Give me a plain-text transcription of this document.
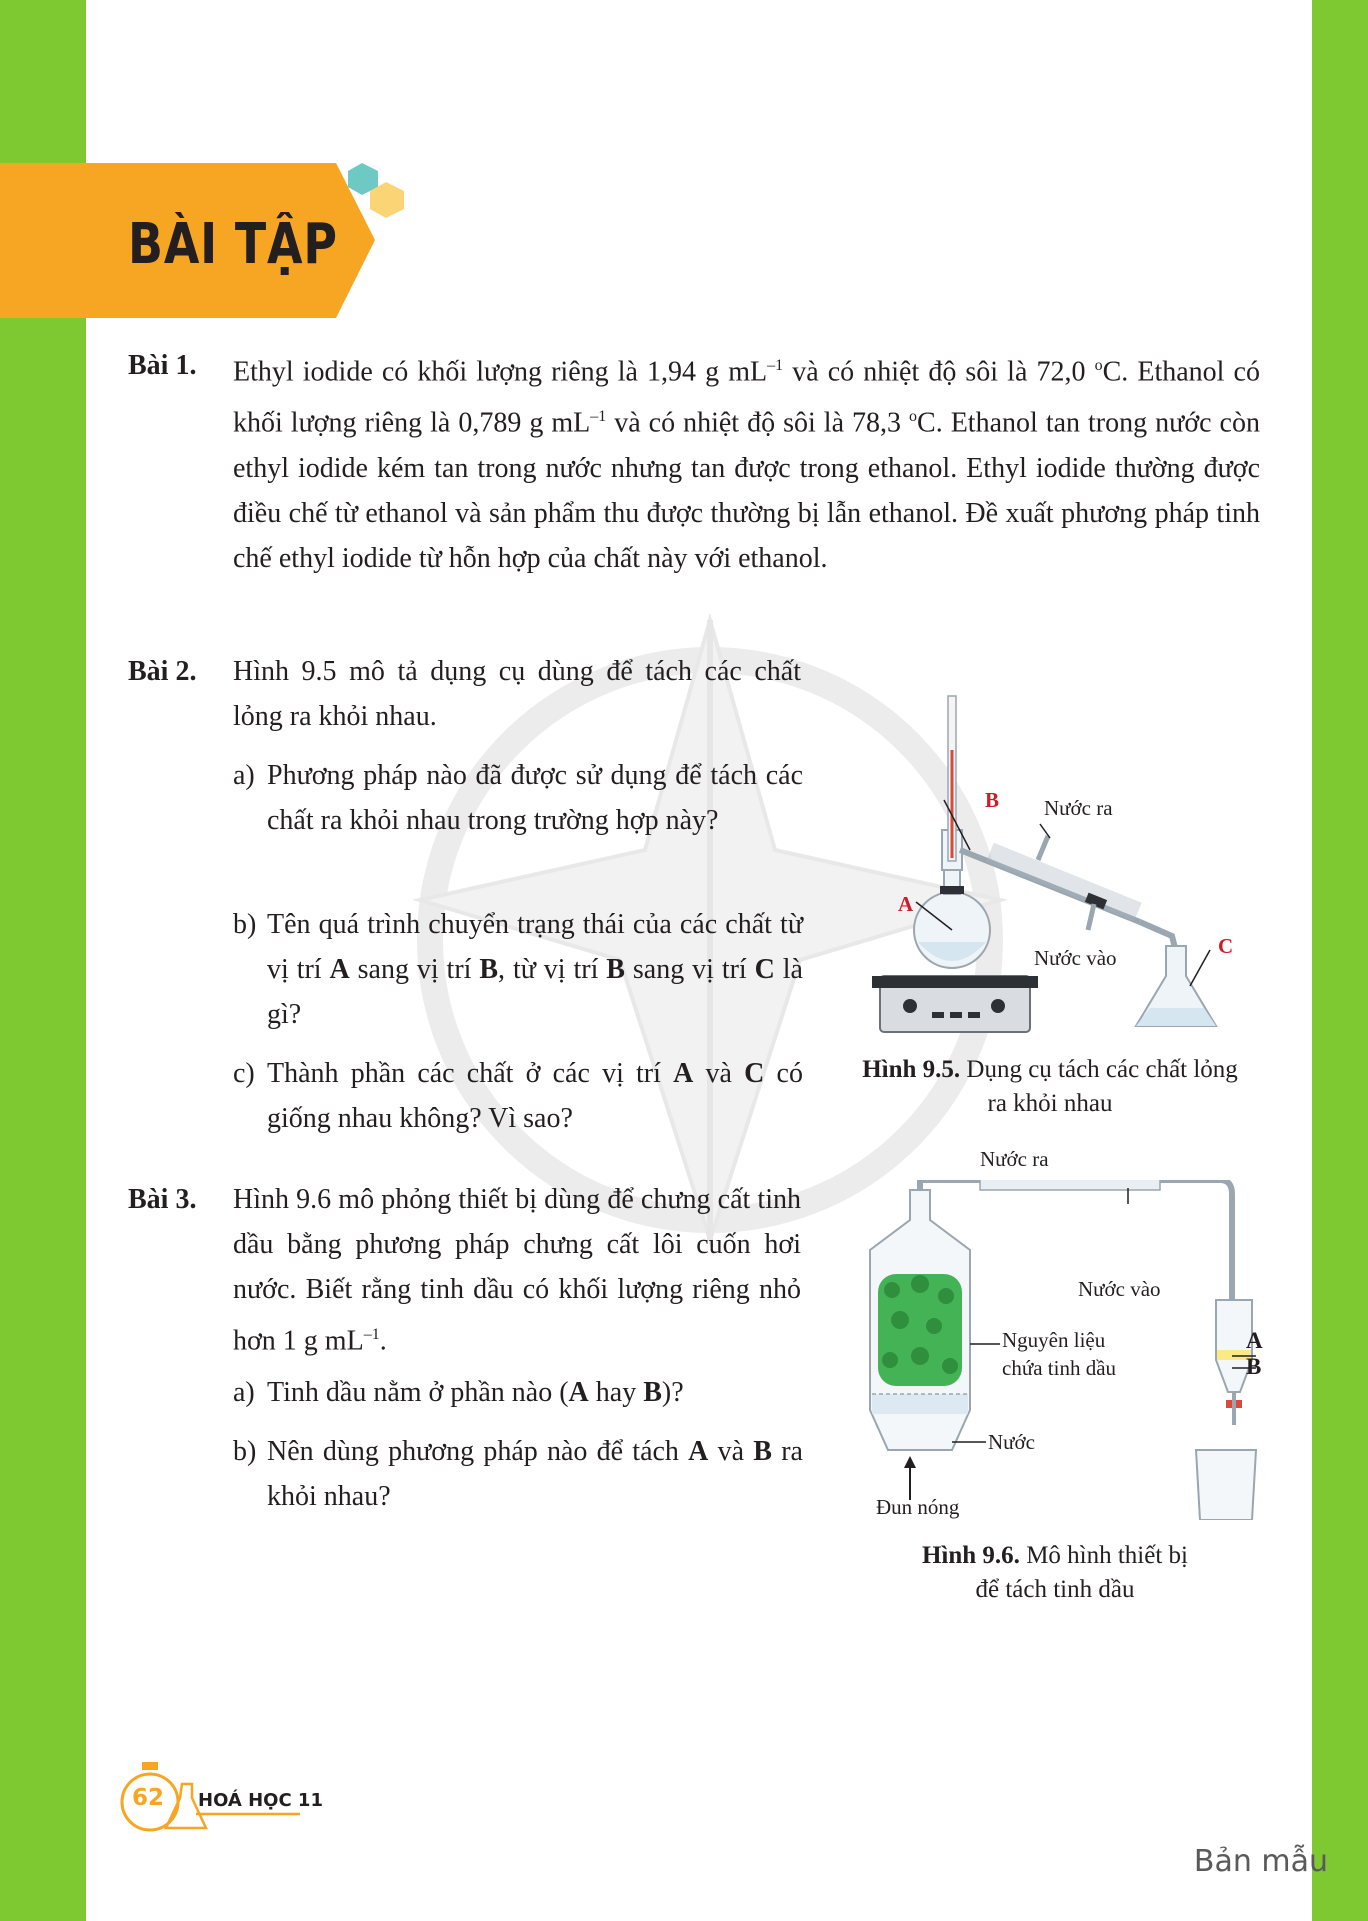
BÀI TẬP
Bài 1. Ethyl iodide có khối lượng riêng là 1,94 g $mL^{-1}$ và có nhiệt độ sôi là 72,0 $^o$C. Ethanol có khối lượng riêng là 0,789 g $mL^{-1}$ và có nhiệt độ sôi là 78,3 $^o$C. Ethanol tan trong nước còn ethyl iodide kém tan trong nước nhưng tan được trong ethanol. Ethyl iodide thường được điều chế từ ethanol và sản phẩm thu được thường bị lẫn ethanol. Đề xuất phương pháp tinh chế ethyl iodide từ hỗn hợp của chất này với ethanol.
Bài 2. Hình 9.5 mô tả dụng cụ dùng để tách các chất lỏng ra khỏi nhau.
a) Phương pháp nào đã được sử dụng để tách các chất ra khỏi nhau trong trường hợp này?
b) Tên quá trình chuyển trạng thái của các chất từ vị trí A sang vị trí B, từ vị trí B sang vị trí C là gì?
c) Thành phần các chất ở các vị trí A và C có giống nhau không? Vì sao?
Bài 3. Hình 9.6 mô phỏng thiết bị dùng để chưng cất tinh dầu bằng phương pháp chưng cất lôi cuốn hơi nước. Biết rằng tinh dầu có khối lượng riêng nhỏ hơn 1 g $mL^{-1}$.
a) Tinh dầu nằm ở phần nào (A hay B)?
b) Nên dùng phương pháp nào để tách A và B ra khỏi nhau?
B
A
C
Nước ra
Nước vào
Hình 9.5. Dụng cụ tách các chất lỏng
ra khỏi nhau
Nước ra
Nước vào
Nguyên liệu
chứa tinh dầu
Nước
Đun nóng
A
B
Hình 9.6. Mô hình thiết bị
để tách tinh dầu
62 HOÁ HỌC 11
Bản mẫu
